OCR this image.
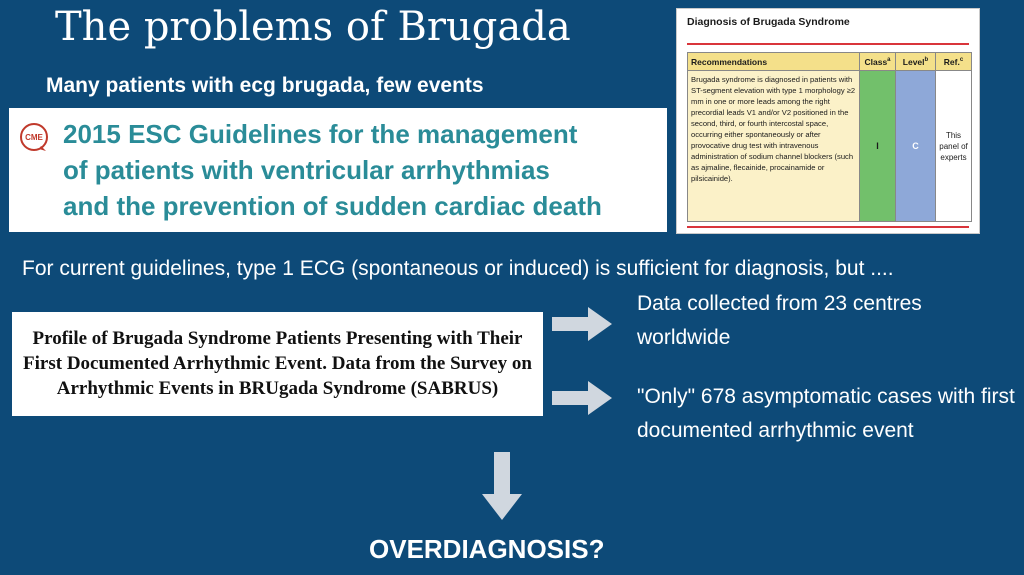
The problems of Brugada
Many patients with ecg brugada, few events
CME 2015 ESC Guidelines for the management
of patients with ventricular arrhythmias
and the prevention of sudden cardiac death
Diagnosis of Brugada Syndrome
Recommendations	Class$^a$	Level$^b$	Ref.$^c$
Brugada syndrome is diagnosed in patients with ST-segment elevation with type 1 morphology ≥2 mm in one or more leads among the right precordial leads V1 and/or V2 positioned in the second, third, or fourth intercostal space, occurring either spontaneously or after provocative drug test with intravenous administration of sodium channel blockers (such as ajmaline, flecainide, procainamide or pilsicainide).	I	C	This panel of experts
For current guidelines, type 1 ECG (spontaneous or induced) is sufficient for diagnosis, but ....
Profile of Brugada Syndrome Patients Presenting with Their First Documented Arrhythmic Event. Data from the Survey on Arrhythmic Events in BRUgada Syndrome (SABRUS)
Data collected from 23 centres worldwide
"Only" 678 asymptomatic cases with first documented arrhythmic event
OVERDIAGNOSIS?
